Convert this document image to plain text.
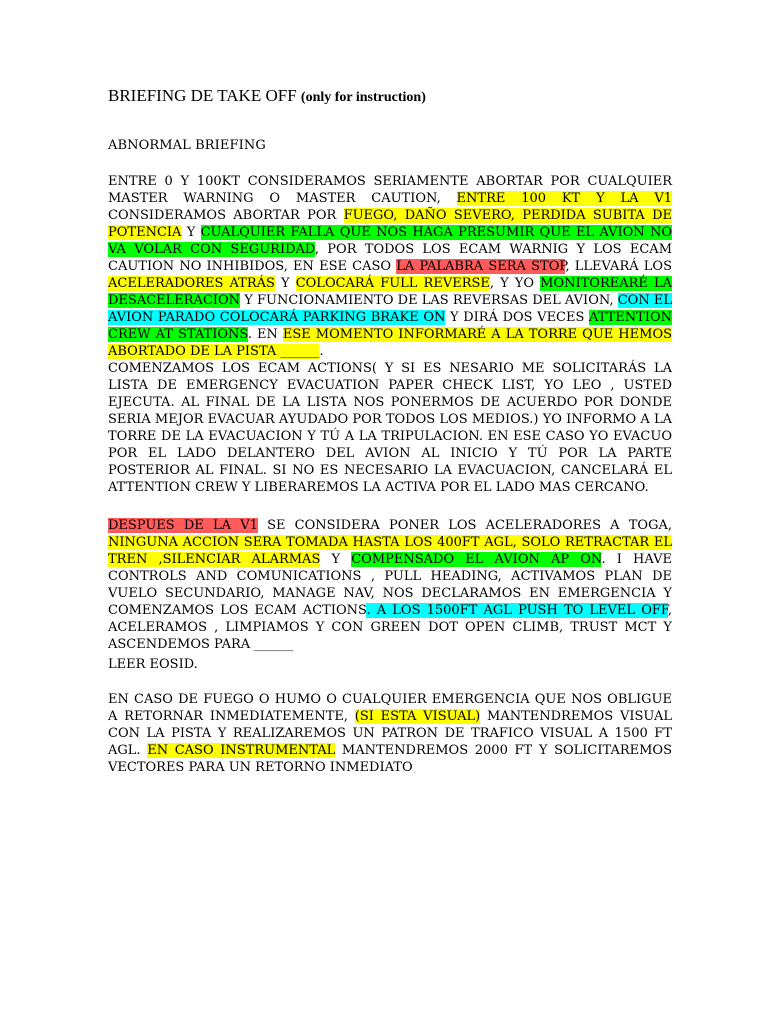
BRIEFING DE TAKE OFF (only for instruction)
ABNORMAL BRIEFING
ENTRE 0 Y 100KT CONSIDERAMOS SERIAMENTE ABORTAR POR CUALQUIER MASTER WARNING O MASTER CAUTION, ENTRE 100 KT Y LA V1 CONSIDERAMOS ABORTAR POR FUEGO, DAÑO SEVERO, PERDIDA SUBITA DE POTENCIA Y CUALQUIER FALLA QUE NOS HAGA PRESUMIR QUE EL AVION NO VA VOLAR CON SEGURIDAD, POR TODOS LOS ECAM WARNIG Y LOS ECAM CAUTION NO INHIBIDOS, EN ESE CASO LA PALABRA SERA STOP, LLEVARÁ LOS ACELERADORES ATRÁS Y COLOCARÁ FULL REVERSE, Y YO MONITOREARÉ LA DESACELERACION Y FUNCIONAMIENTO DE LAS REVERSAS DEL AVION, CON EL AVION PARADO COLOCARÁ PARKING BRAKE ON Y DIRÁ DOS VECES ATTENTION CREW AT STATIONS. EN ESE MOMENTO INFORMARÉ A LA TORRE QUE HEMOS ABORTADO DE LA PISTA ______.
COMENZAMOS LOS ECAM ACTIONS( Y SI ES NESARIO ME SOLICITARÁS LA LISTA DE EMERGENCY EVACUATION PAPER CHECK LIST, YO LEO , USTED EJECUTA. AL FINAL DE LA LISTA NOS PONERMOS DE ACUERDO POR DONDE SERIA MEJOR EVACUAR AYUDADO POR TODOS LOS MEDIOS.) YO INFORMO A LA TORRE DE LA EVACUACION Y TÚ A LA TRIPULACION. EN ESE CASO YO EVACUO POR EL LADO DELANTERO DEL AVION AL INICIO Y TÚ POR LA PARTE POSTERIOR AL FINAL. SI NO ES NECESARIO LA EVACUACION, CANCELARÁ EL ATTENTION CREW Y LIBERAREMOS LA ACTIVA POR EL LADO MAS CERCANO.
DESPUES DE LA V1 SE CONSIDERA PONER LOS ACELERADORES A TOGA, NINGUNA ACCION SERA TOMADA HASTA LOS 400FT AGL, SOLO RETRACTAR EL TREN ,SILENCIAR ALARMAS Y COMPENSADO EL AVION AP ON. I HAVE CONTROLS AND COMUNICATIONS , PULL HEADING, ACTIVAMOS PLAN DE VUELO SECUNDARIO, MANAGE NAV, NOS DECLARAMOS EN EMERGENCIA Y COMENZAMOS LOS ECAM ACTIONS. A LOS 1500FT AGL PUSH TO LEVEL OFF, ACELERAMOS , LIMPIAMOS Y CON GREEN DOT OPEN CLIMB, TRUST MCT Y ASCENDEMOS PARA ______
LEER EOSID.
EN CASO DE FUEGO O HUMO O CUALQUIER EMERGENCIA QUE NOS OBLIGUE A RETORNAR INMEDIATEMENTE, (SI ESTA VISUAL) MANTENDREMOS VISUAL CON LA PISTA Y REALIZAREMOS UN PATRON DE TRAFICO VISUAL A 1500 FT AGL. EN CASO INSTRUMENTAL MANTENDREMOS 2000 FT Y SOLICITAREMOS VECTORES PARA UN RETORNO INMEDIATO
